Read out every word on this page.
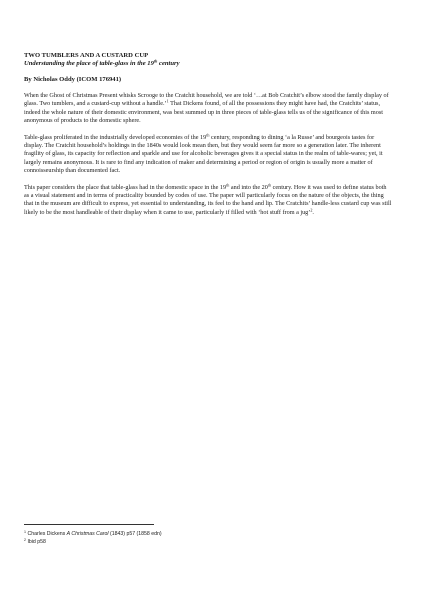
TWO TUMBLERS AND A CUSTARD CUP

Understanding the place of table-glass in the 19th century

By Nicholas Oddy (ICOM 176941)

When the Ghost of Christmas Present whisks Scrooge to the Cratchit household, we are told ‘…at Bob Cratchit’s elbow stood the family display of glass. Two tumblers, and a custard-cup without a handle.’$^1$ That Dickens found, of all the possessions they might have had, the Cratchits’ status, indeed the whole nature of their domestic environment, was best summed up in three pieces of table-glass tells us of the significance of this most anonymous of products to the domestic sphere.

Table-glass proliferated in the industrially developed economies of the 19th century, responding to dining ‘a la Russe’ and bourgeois tastes for display. The Cratchit household’s holdings in the 1840s would look mean then, but they would seem far more so a generation later. The inherent fragility of glass, its capacity for reflection and sparkle and use for alcoholic beverages gives it a special status in the realm of table-wares; yet, it largely remains anonymous. It is rare to find any indication of maker and determining a period or region of origin is usually more a matter of connoisseurship than documented fact.

This paper considers the place that table-glass had in the domestic space in the 19th and into the 20th century. How it was used to define status both as a visual statement and in terms of practicality bounded by codes of use. The paper will particularly focus on the nature of the objects, the thing that in the museum are difficult to express, yet essential to understanding, its feel to the hand and lip. The Cratchits’ handle-less custard cup was still likely to be the most handleable of their display when it came to use, particularly if filled with ‘hot stuff from a jug’$^2$.

$^1$ Charles Dickens A Christmas Carol (1843) p57 (1858 edn)

$^2$ Ibid p58
